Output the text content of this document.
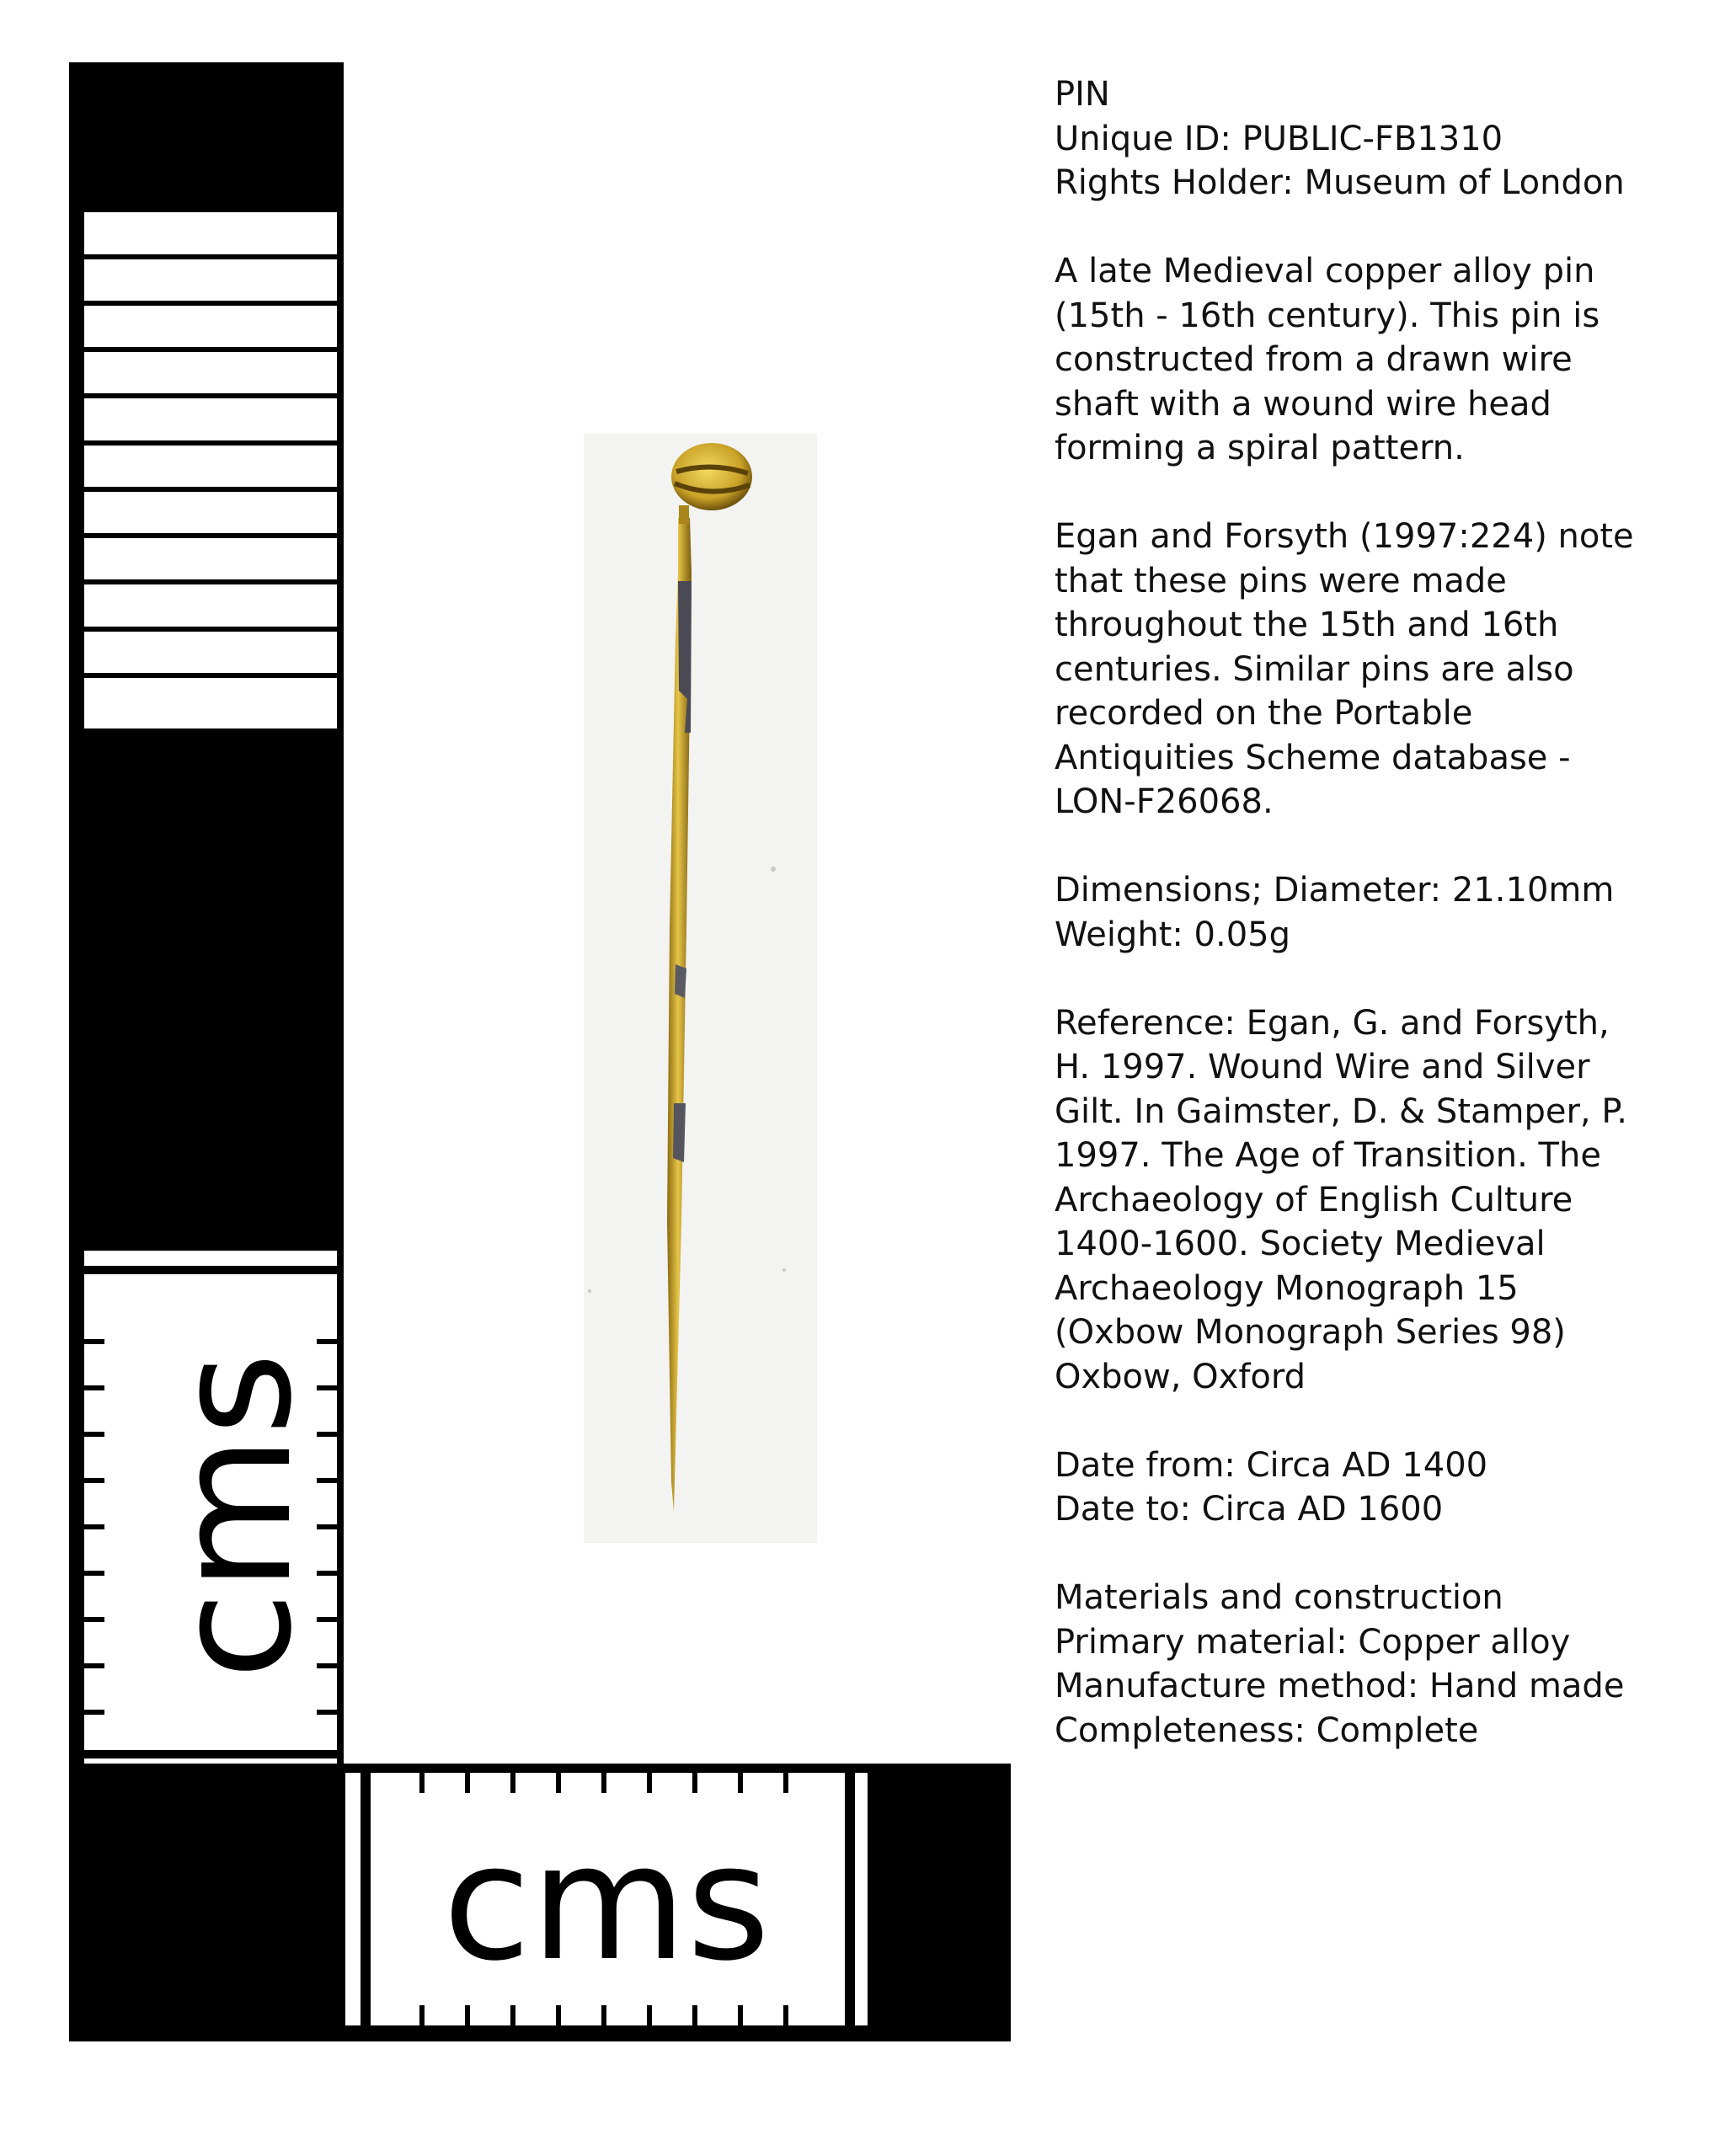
cms
cms
PIN
Unique ID: PUBLIC-FB1310
Rights Holder: Museum of London
A late Medieval copper alloy pin
(15th - 16th century). This pin is
constructed from a drawn wire
shaft with a wound wire head
forming a spiral pattern.
Egan and Forsyth (1997:224) note
that these pins were made
throughout the 15th and 16th
centuries. Similar pins are also
recorded on the Portable
Antiquities Scheme database -
LON-F26068.
Dimensions; Diameter: 21.10mm
Weight: 0.05g
Reference: Egan, G. and Forsyth,
H. 1997. Wound Wire and Silver
Gilt. In Gaimster, D. & Stamper, P.
1997. The Age of Transition. The
Archaeology of English Culture
1400-1600. Society Medieval
Archaeology Monograph 15
(Oxbow Monograph Series 98)
Oxbow, Oxford
Date from: Circa AD 1400
Date to: Circa AD 1600
Materials and construction
Primary material: Copper alloy
Manufacture method: Hand made
Completeness: Complete
